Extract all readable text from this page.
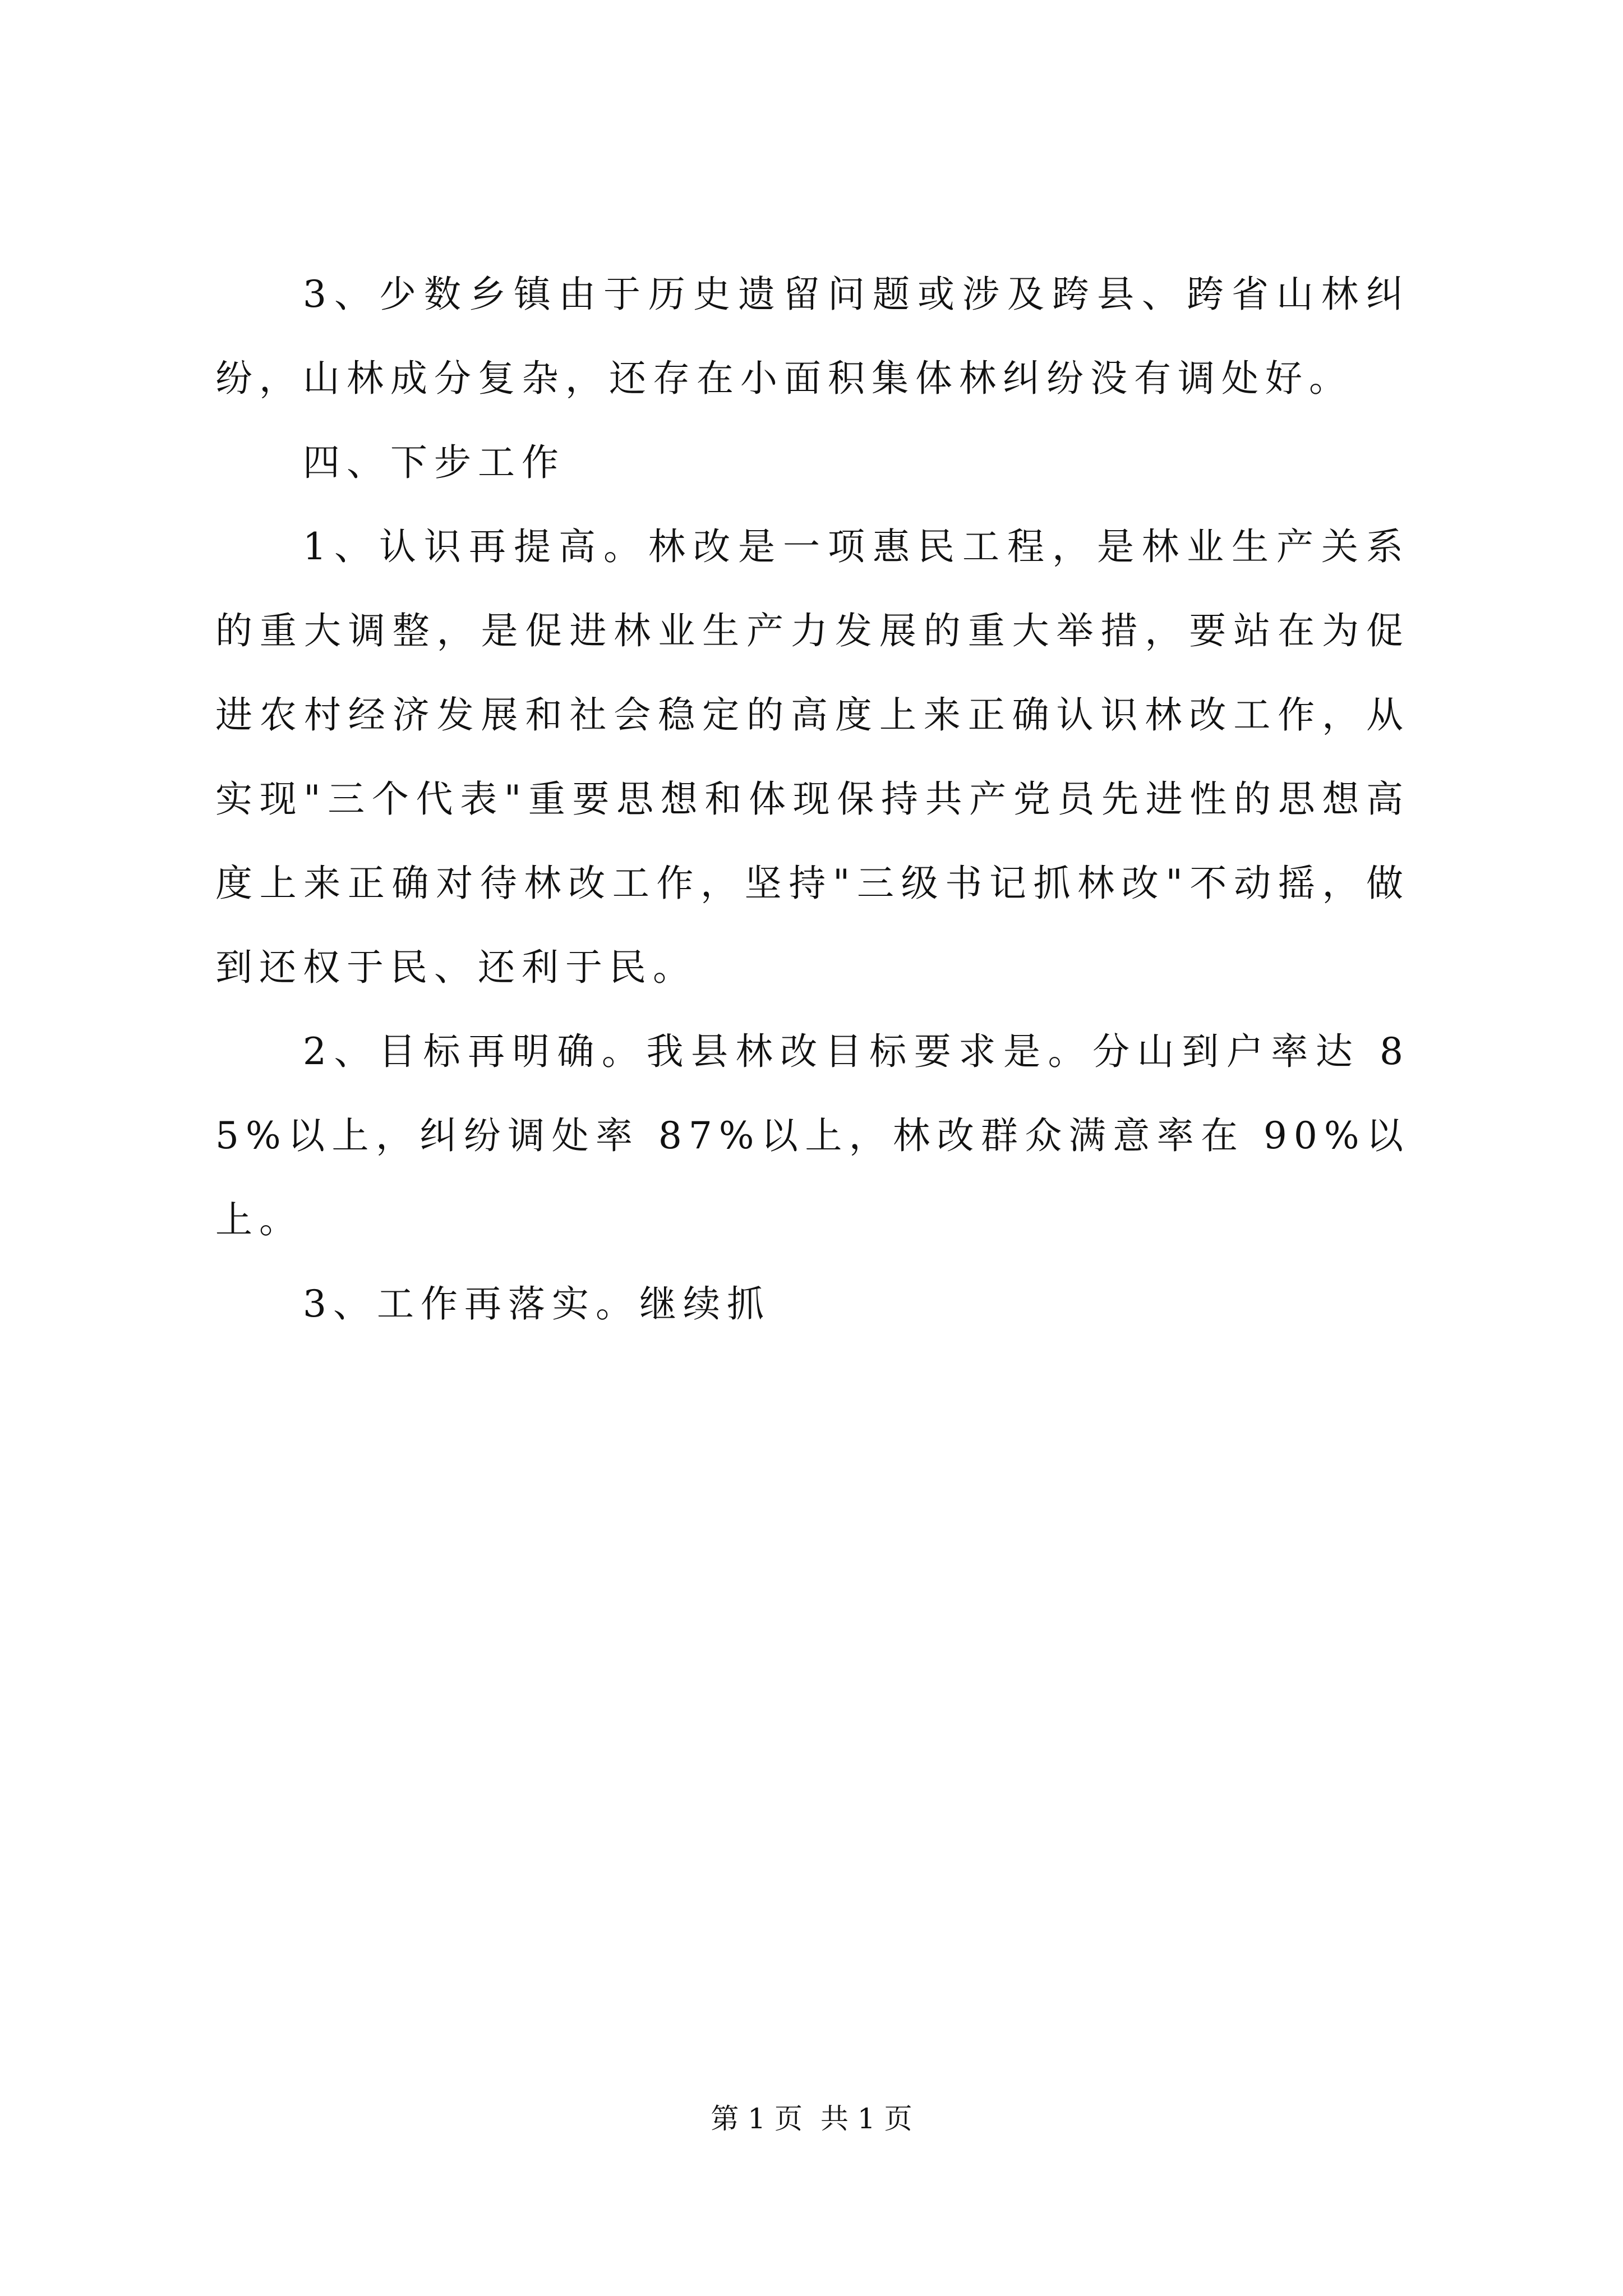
3、少数乡镇由于历史遗留问题或涉及跨县、跨省山林纠纷，山林成分复杂，还存在小面积集体林纠纷没有调处好。

四、下步工作

1、认识再提高。林改是一项惠民工程，是林业生产关系的重大调整，是促进林业生产力发展的重大举措，要站在为促进农村经济发展和社会稳定的高度上来正确认识林改工作，从实现"三个代表"重要思想和体现保持共产党员先进性的思想高度上来正确对待林改工作，坚持"三级书记抓林改"不动摇，做到还权于民、还利于民。

2、目标再明确。我县林改目标要求是。分山到户率达 85%以上，纠纷调处率 87%以上，林改群众满意率在 90%以上。

3、工作再落实。继续抓

第 1 页 共 1 页
